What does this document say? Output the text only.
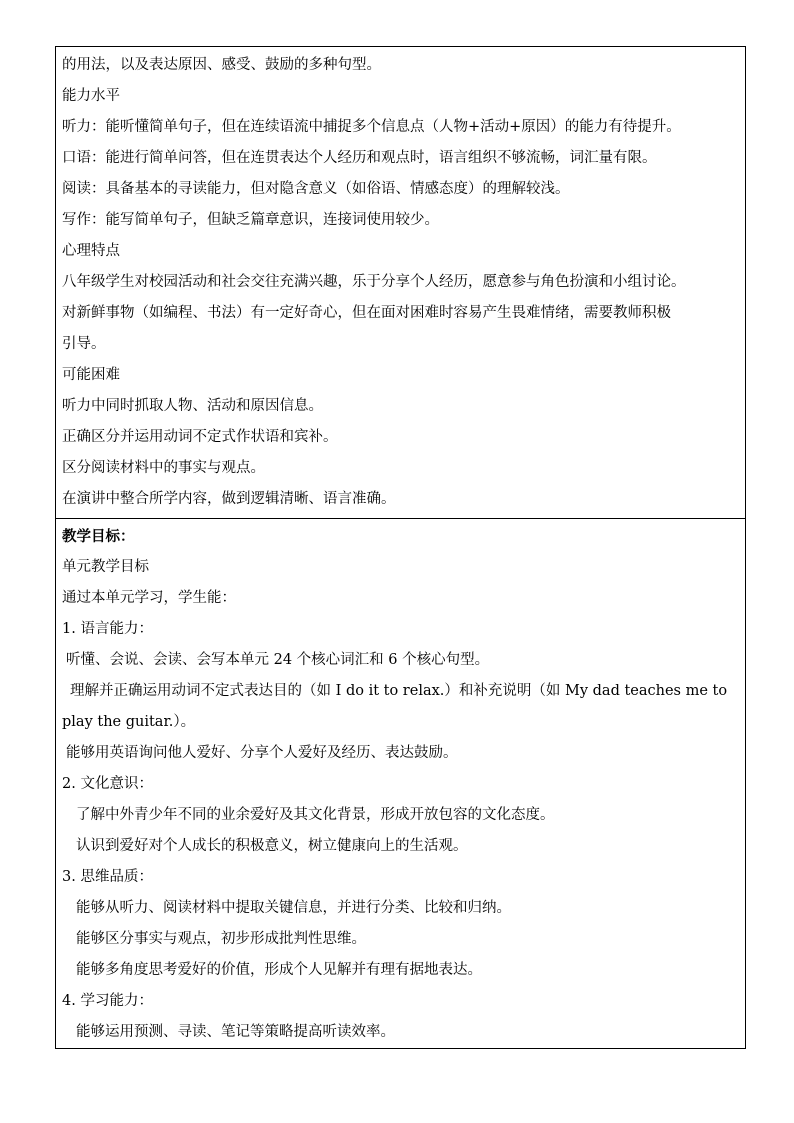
的用法，以及表达原因、感受、鼓励的多种句型。
能力水平
听力：能听懂简单句子，但在连续语流中捕捉多个信息点（人物+活动+原因）的能力有待提升。
口语：能进行简单问答，但在连贯表达个人经历和观点时，语言组织不够流畅，词汇量有限。
阅读：具备基本的寻读能力，但对隐含意义（如俗语、情感态度）的理解较浅。
写作：能写简单句子，但缺乏篇章意识，连接词使用较少。
心理特点
八年级学生对校园活动和社会交往充满兴趣，乐于分享个人经历，愿意参与角色扮演和小组讨论。
对新鲜事物（如编程、书法）有一定好奇心，但在面对困难时容易产生畏难情绪，需要教师积极
引导。
可能困难
听力中同时抓取人物、活动和原因信息。
正确区分并运用动词不定式作状语和宾补。
区分阅读材料中的事实与观点。
在演讲中整合所学内容，做到逻辑清晰、语言准确。
教学目标：
单元教学目标
通过本单元学习，学生能：
1. 语言能力：
听懂、会说、会读、会写本单元 24 个核心词汇和 6 个核心句型。
理解并正确运用动词不定式表达目的（如 I do it to relax.）和补充说明（如 My dad teaches me to
play the guitar.）。
能够用英语询问他人爱好、分享个人爱好及经历、表达鼓励。
2. 文化意识：
了解中外青少年不同的业余爱好及其文化背景，形成开放包容的文化态度。
认识到爱好对个人成长的积极意义，树立健康向上的生活观。
3. 思维品质：
能够从听力、阅读材料中提取关键信息，并进行分类、比较和归纳。
能够区分事实与观点，初步形成批判性思维。
能够多角度思考爱好的价值，形成个人见解并有理有据地表达。
4. 学习能力：
能够运用预测、寻读、笔记等策略提高听读效率。
